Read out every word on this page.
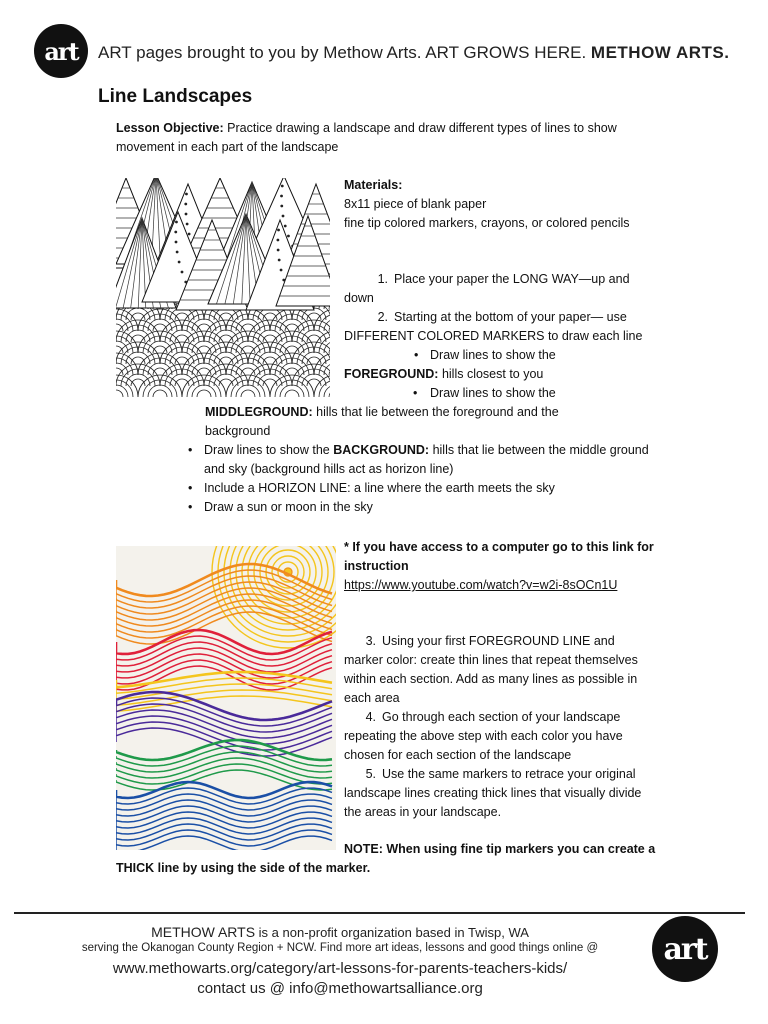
art	ART pages brought to you by Methow Arts. ART GROWS HERE. METHOW ARTS.
Line Landscapes
Lesson Objective: Practice drawing a landscape and draw different types of lines to show movement in each part of the landscape
Materials:
8x11 piece of blank paper
fine tip colored markers, crayons, or colored pencils
1. Place your paper the LONG WAY—up and down
2. Starting at the bottom of your paper— use DIFFERENT COLORED MARKERS to draw each line
• Draw lines to show the
FOREGROUND: hills closest to you
• Draw lines to show the
MIDDLEGROUND: hills that lie between the foreground and the background
• Draw lines to show the BACKGROUND: hills that lie between the middle ground and sky (background hills act as horizon line)
• Include a HORIZON LINE: a line where the earth meets the sky
• Draw a sun or moon in the sky
* If you have access to a computer go to this link for instruction
https://www.youtube.com/watch?v=w2i-8sOCn1U
3. Using your first FOREGROUND LINE and marker color: create thin lines that repeat themselves within each section. Add as many lines as possible in each area
4. Go through each section of your landscape repeating the above step with each color you have chosen for each section of the landscape
5. Use the same markers to retrace your original landscape lines creating thick lines that visually divide the areas in your landscape.
NOTE: When using fine tip markers you can create a THICK line by using the side of the marker.
METHOW ARTS is a non-profit organization based in Twisp, WA
serving the Okanogan County Region + NCW. Find more art ideas, lessons and good things online @
www.methowarts.org/category/art-lessons-for-parents-teachers-kids/
contact us @ info@methowartsalliance.org
art
